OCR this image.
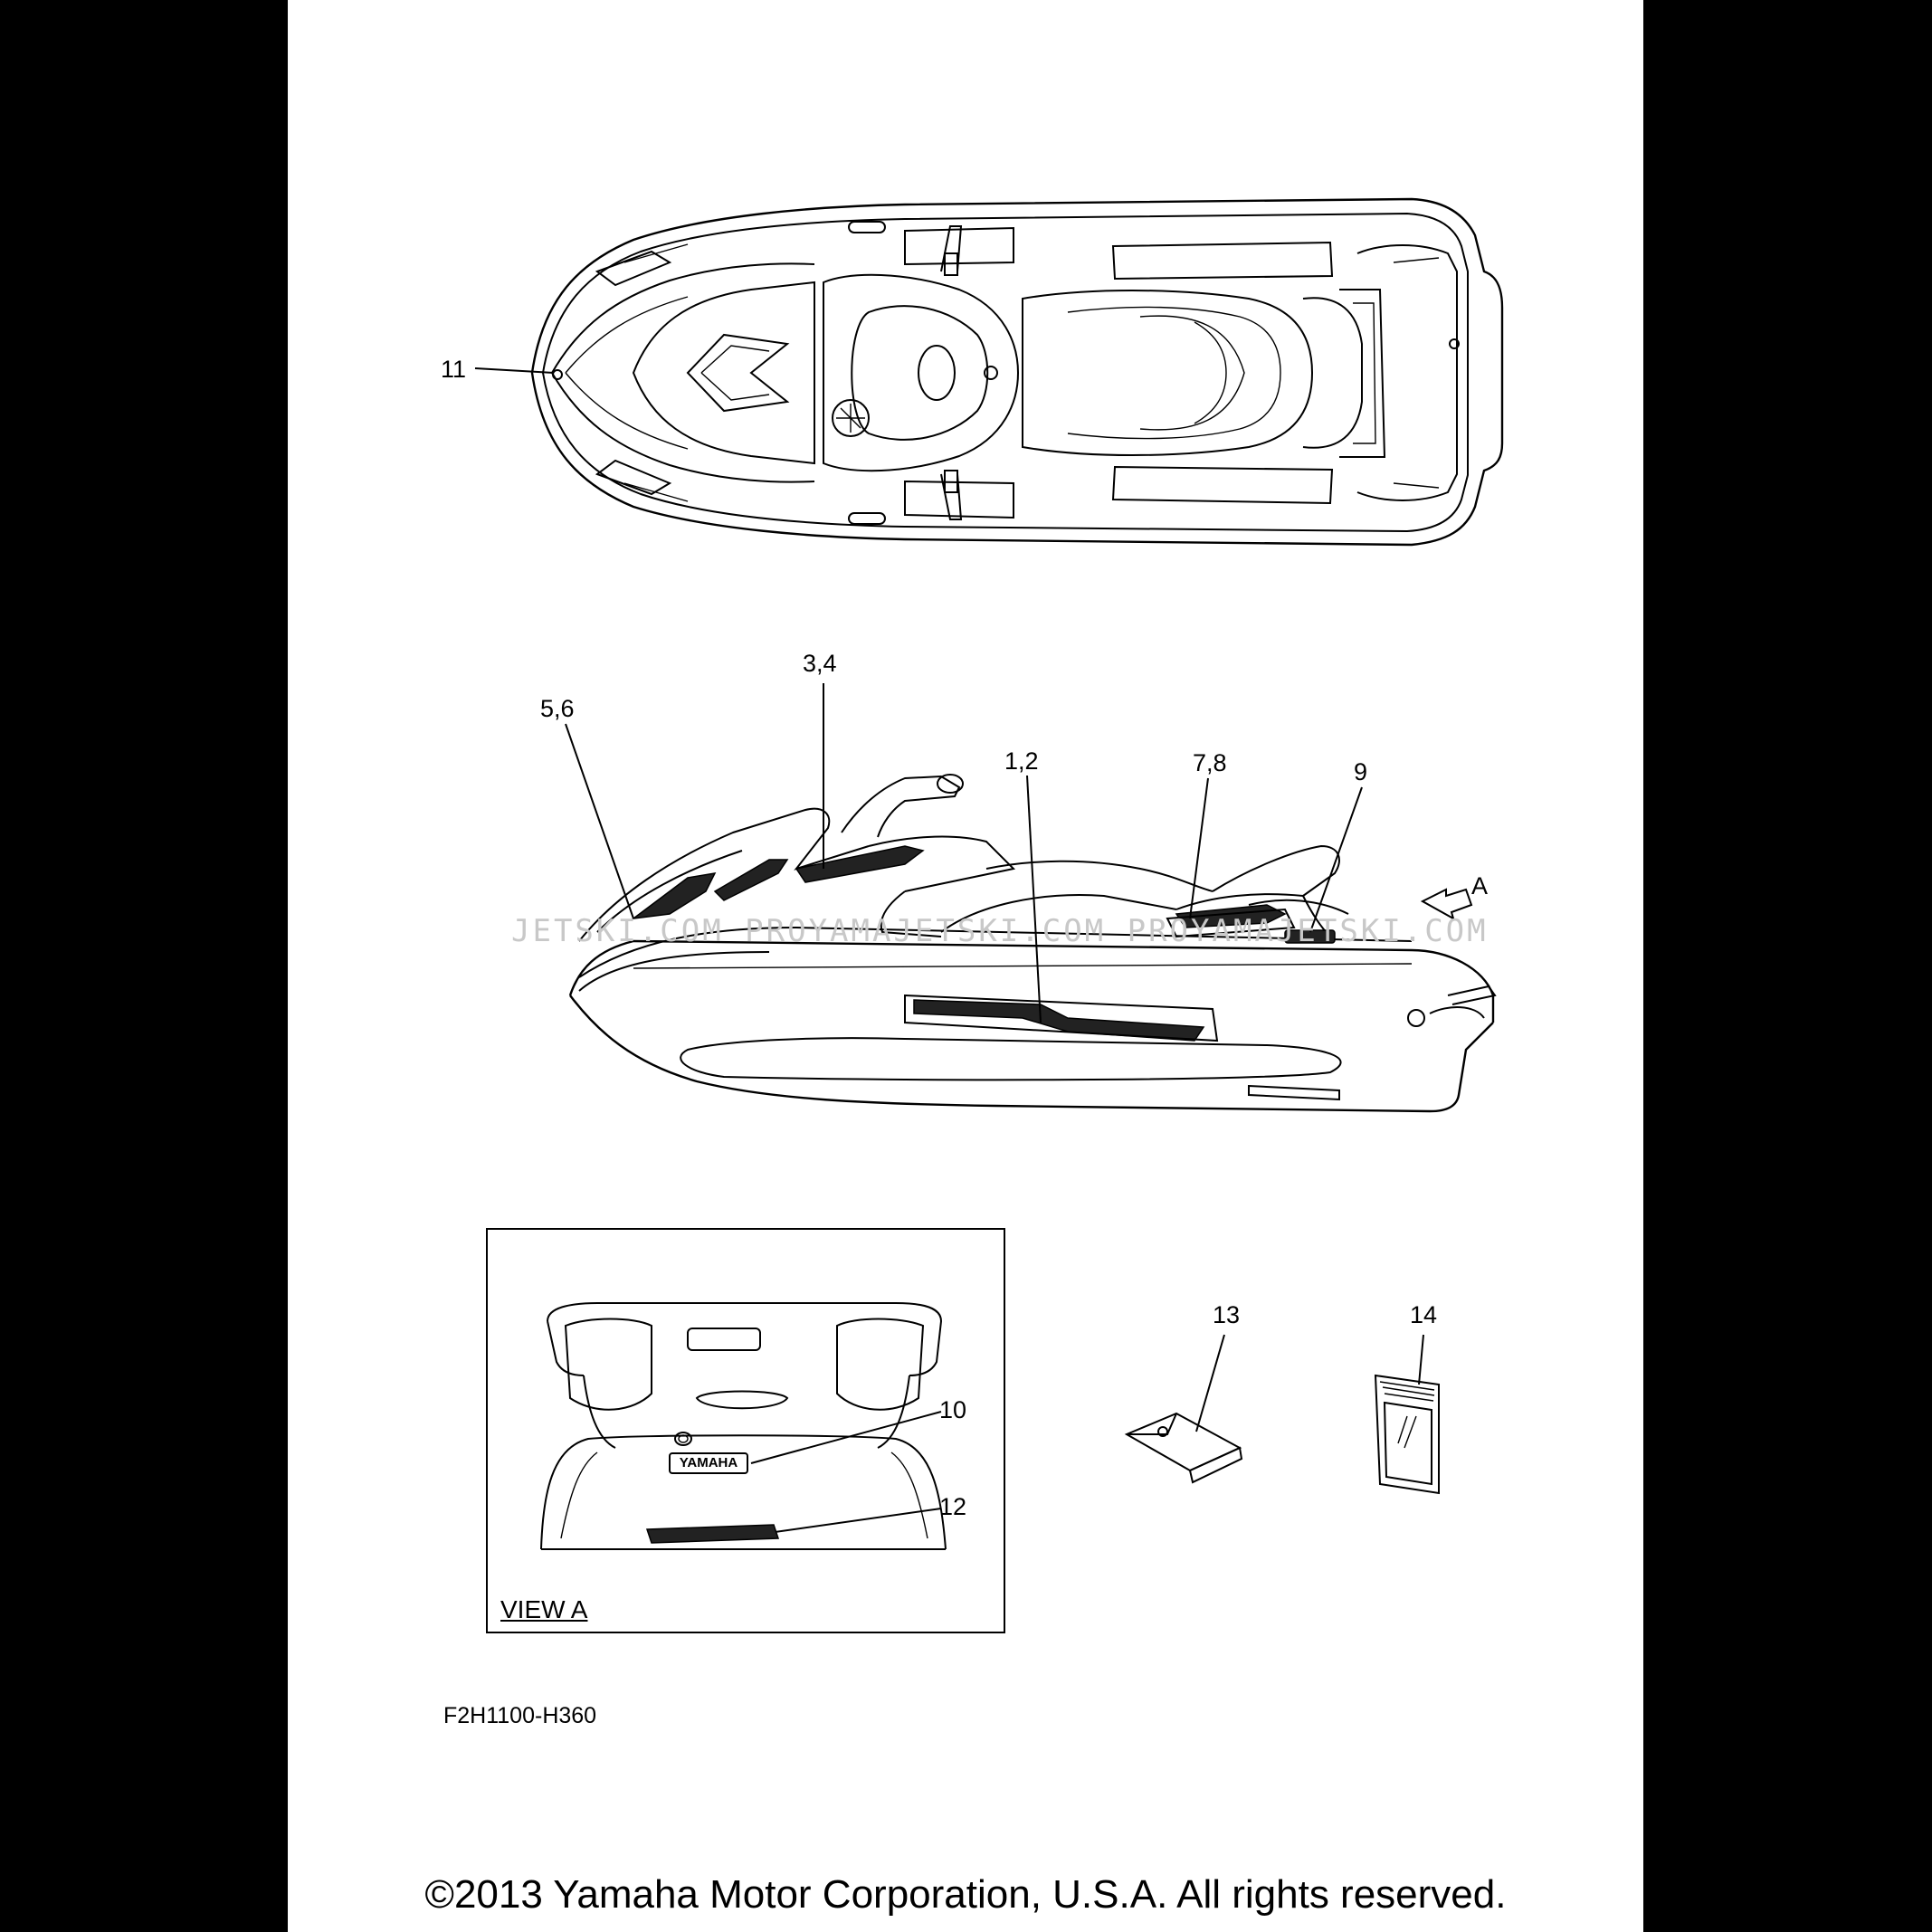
11
3,4
5,6
1,2	7,8	9
A
10
12
13	14
YAMAHA
VIEW A
JETSKI.COM PROYAMAJETSKI.COM PROYAMAJETSKI.COM
F2H1100-H360
©2013 Yamaha Motor Corporation, U.S.A. All rights reserved.
